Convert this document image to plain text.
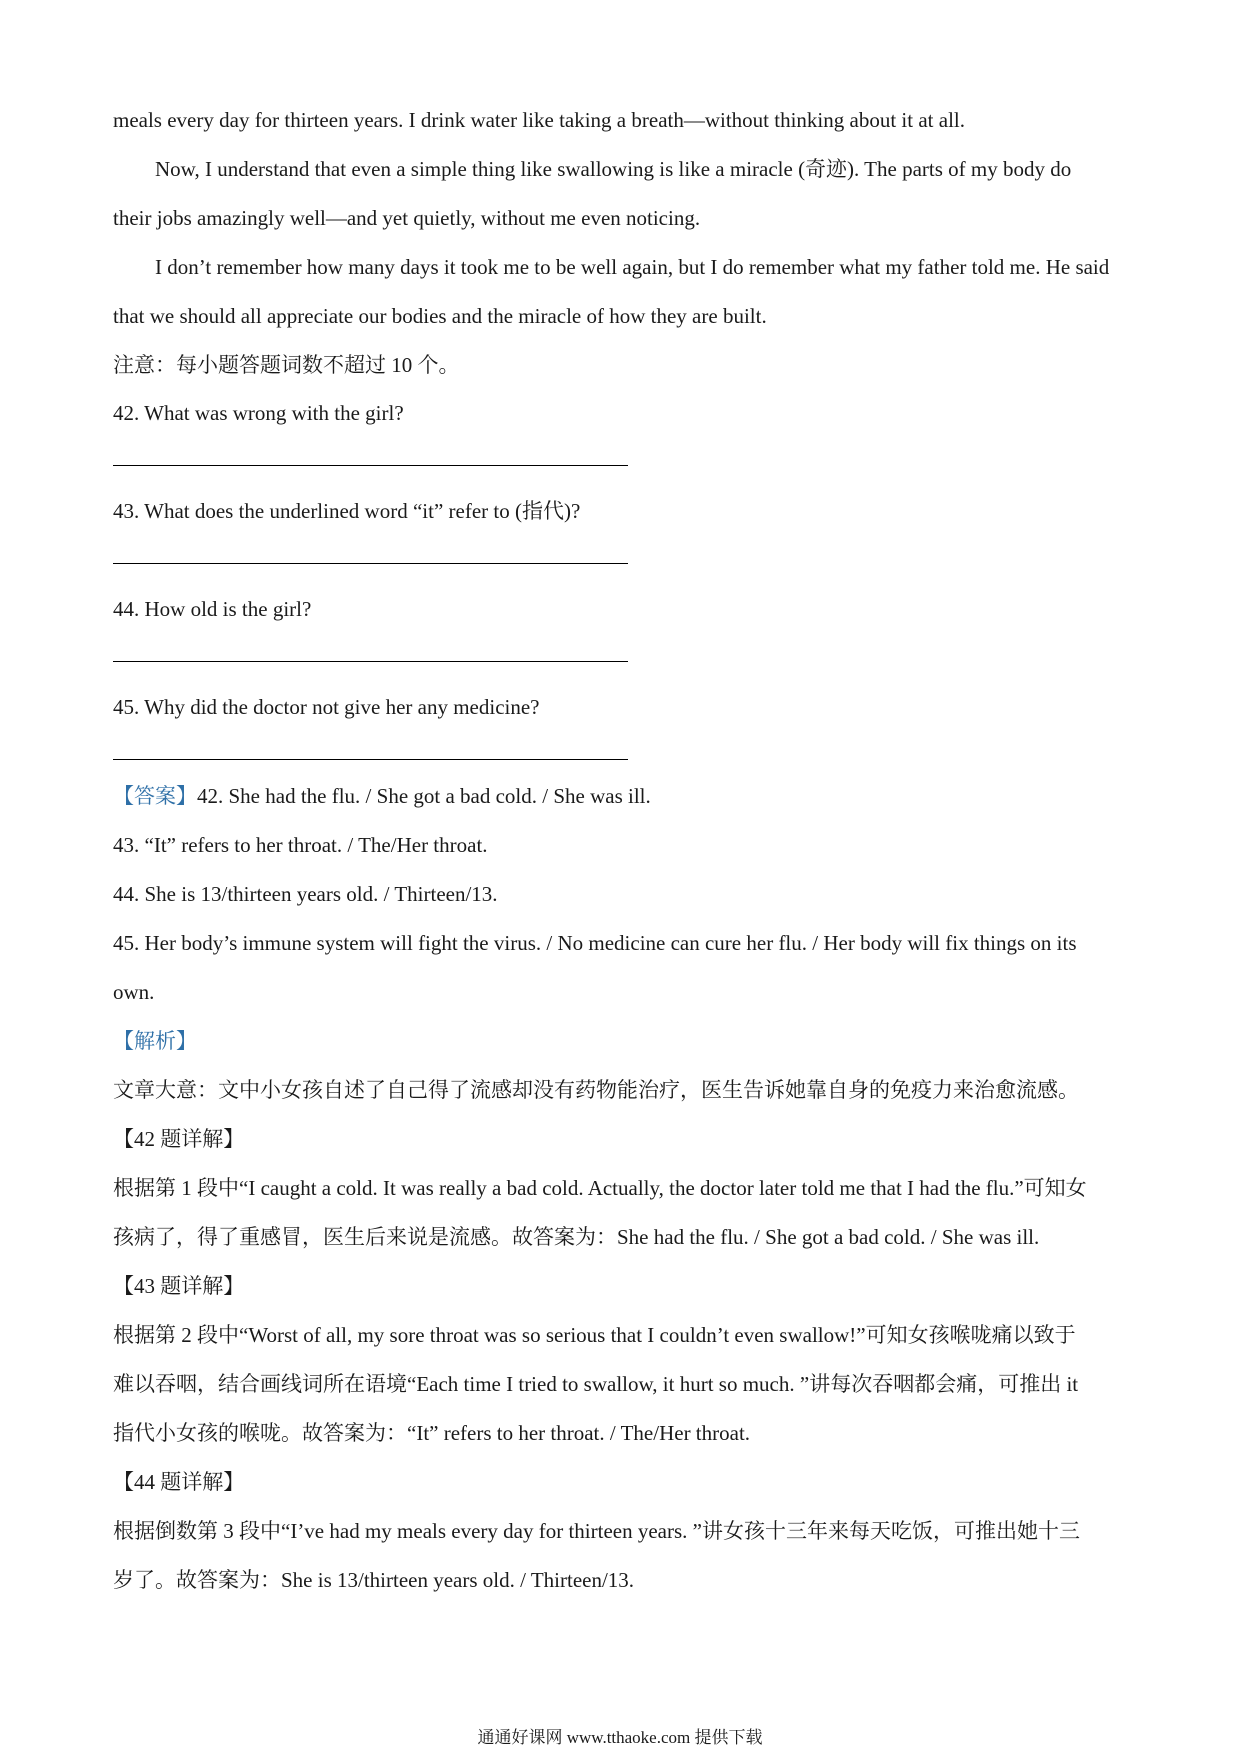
meals every day for thirteen years. I drink water like taking a breath—without thinking about it at all.

Now, I understand that even a simple thing like swallowing is like a miracle (奇迹). The parts of my body do

their jobs amazingly well—and yet quietly, without me even noticing.

I don’t remember how many days it took me to be well again, but I do remember what my father told me. He said

that we should all appreciate our bodies and the miracle of how they are built.

注意：每小题答题词数不超过 10 个。

42. What was wrong with the girl?

43. What does the underlined word “it” refer to (指代)?

44. How old is the girl?

45. Why did the doctor not give her any medicine?

【答案】42. She had the flu. / She got a bad cold. / She was ill.

43. “It” refers to her throat. / The/Her throat.

44. She is 13/thirteen years old. / Thirteen/13.

45. Her body’s immune system will fight the virus. / No medicine can cure her flu. / Her body will fix things on its

own.

【解析】

文章大意：文中小女孩自述了自己得了流感却没有药物能治疗，医生告诉她靠自身的免疫力来治愈流感。

【42 题详解】

根据第 1 段中“I caught a cold. It was really a bad cold. Actually, the doctor later told me that I had the flu.”可知女

孩病了，得了重感冒，医生后来说是流感。故答案为：She had the flu. / She got a bad cold. / She was ill.

【43 题详解】

根据第 2 段中“Worst of all, my sore throat was so serious that I couldn’t even swallow!”可知女孩喉咙痛以致于

难以吞咽，结合画线词所在语境“Each time I tried to swallow, it hurt so much. ”讲每次吞咽都会痛，可推出 it

指代小女孩的喉咙。故答案为：“It” refers to her throat. / The/Her throat.

【44 题详解】

根据倒数第 3 段中“I’ve had my meals every day for thirteen years. ”讲女孩十三年来每天吃饭，可推出她十三

岁了。故答案为：She is 13/thirteen years old. / Thirteen/13.

通通好课网 www.tthaoke.com 提供下载
